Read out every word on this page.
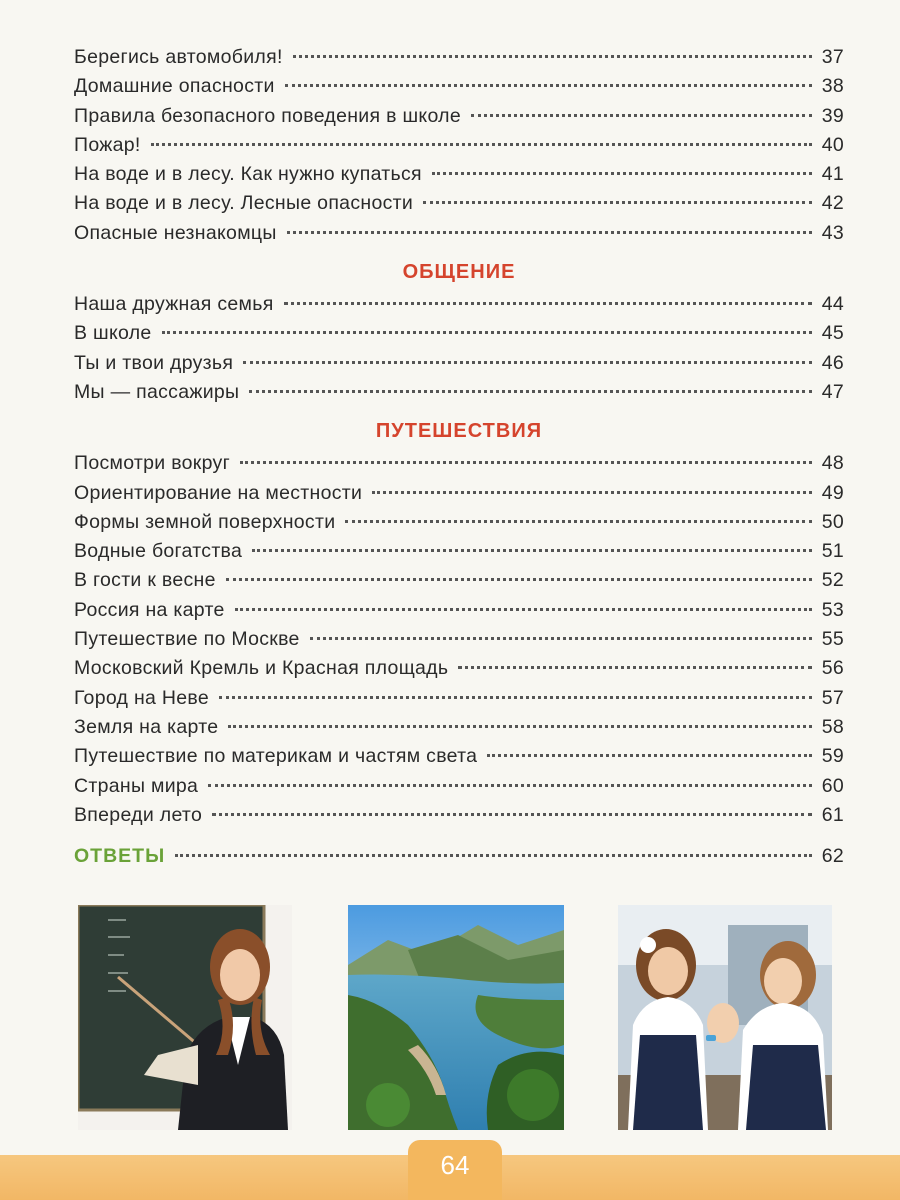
Берегись автомобиля!	37
Домашние опасности	38
Правила безопасного поведения в школе	39
Пожар!	40
На воде и в лесу. Как нужно купаться	41
На воде и в лесу. Лесные опасности	42
Опасные незнакомцы	43
ОБЩЕНИЕ
Наша дружная семья	44
В школе	45
Ты и твои друзья	46
Мы — пассажиры	47
ПУТЕШЕСТВИЯ
Посмотри вокруг	48
Ориентирование на местности	49
Формы земной поверхности	50
Водные богатства	51
В гости к весне	52
Россия на карте	53
Путешествие по Москве	55
Московский Кремль и Красная площадь	56
Город на Неве	57
Земля на карте	58
Путешествие по материкам и частям света	59
Страны мира	60
Впереди лето	61
ОТВЕТЫ	62
64
